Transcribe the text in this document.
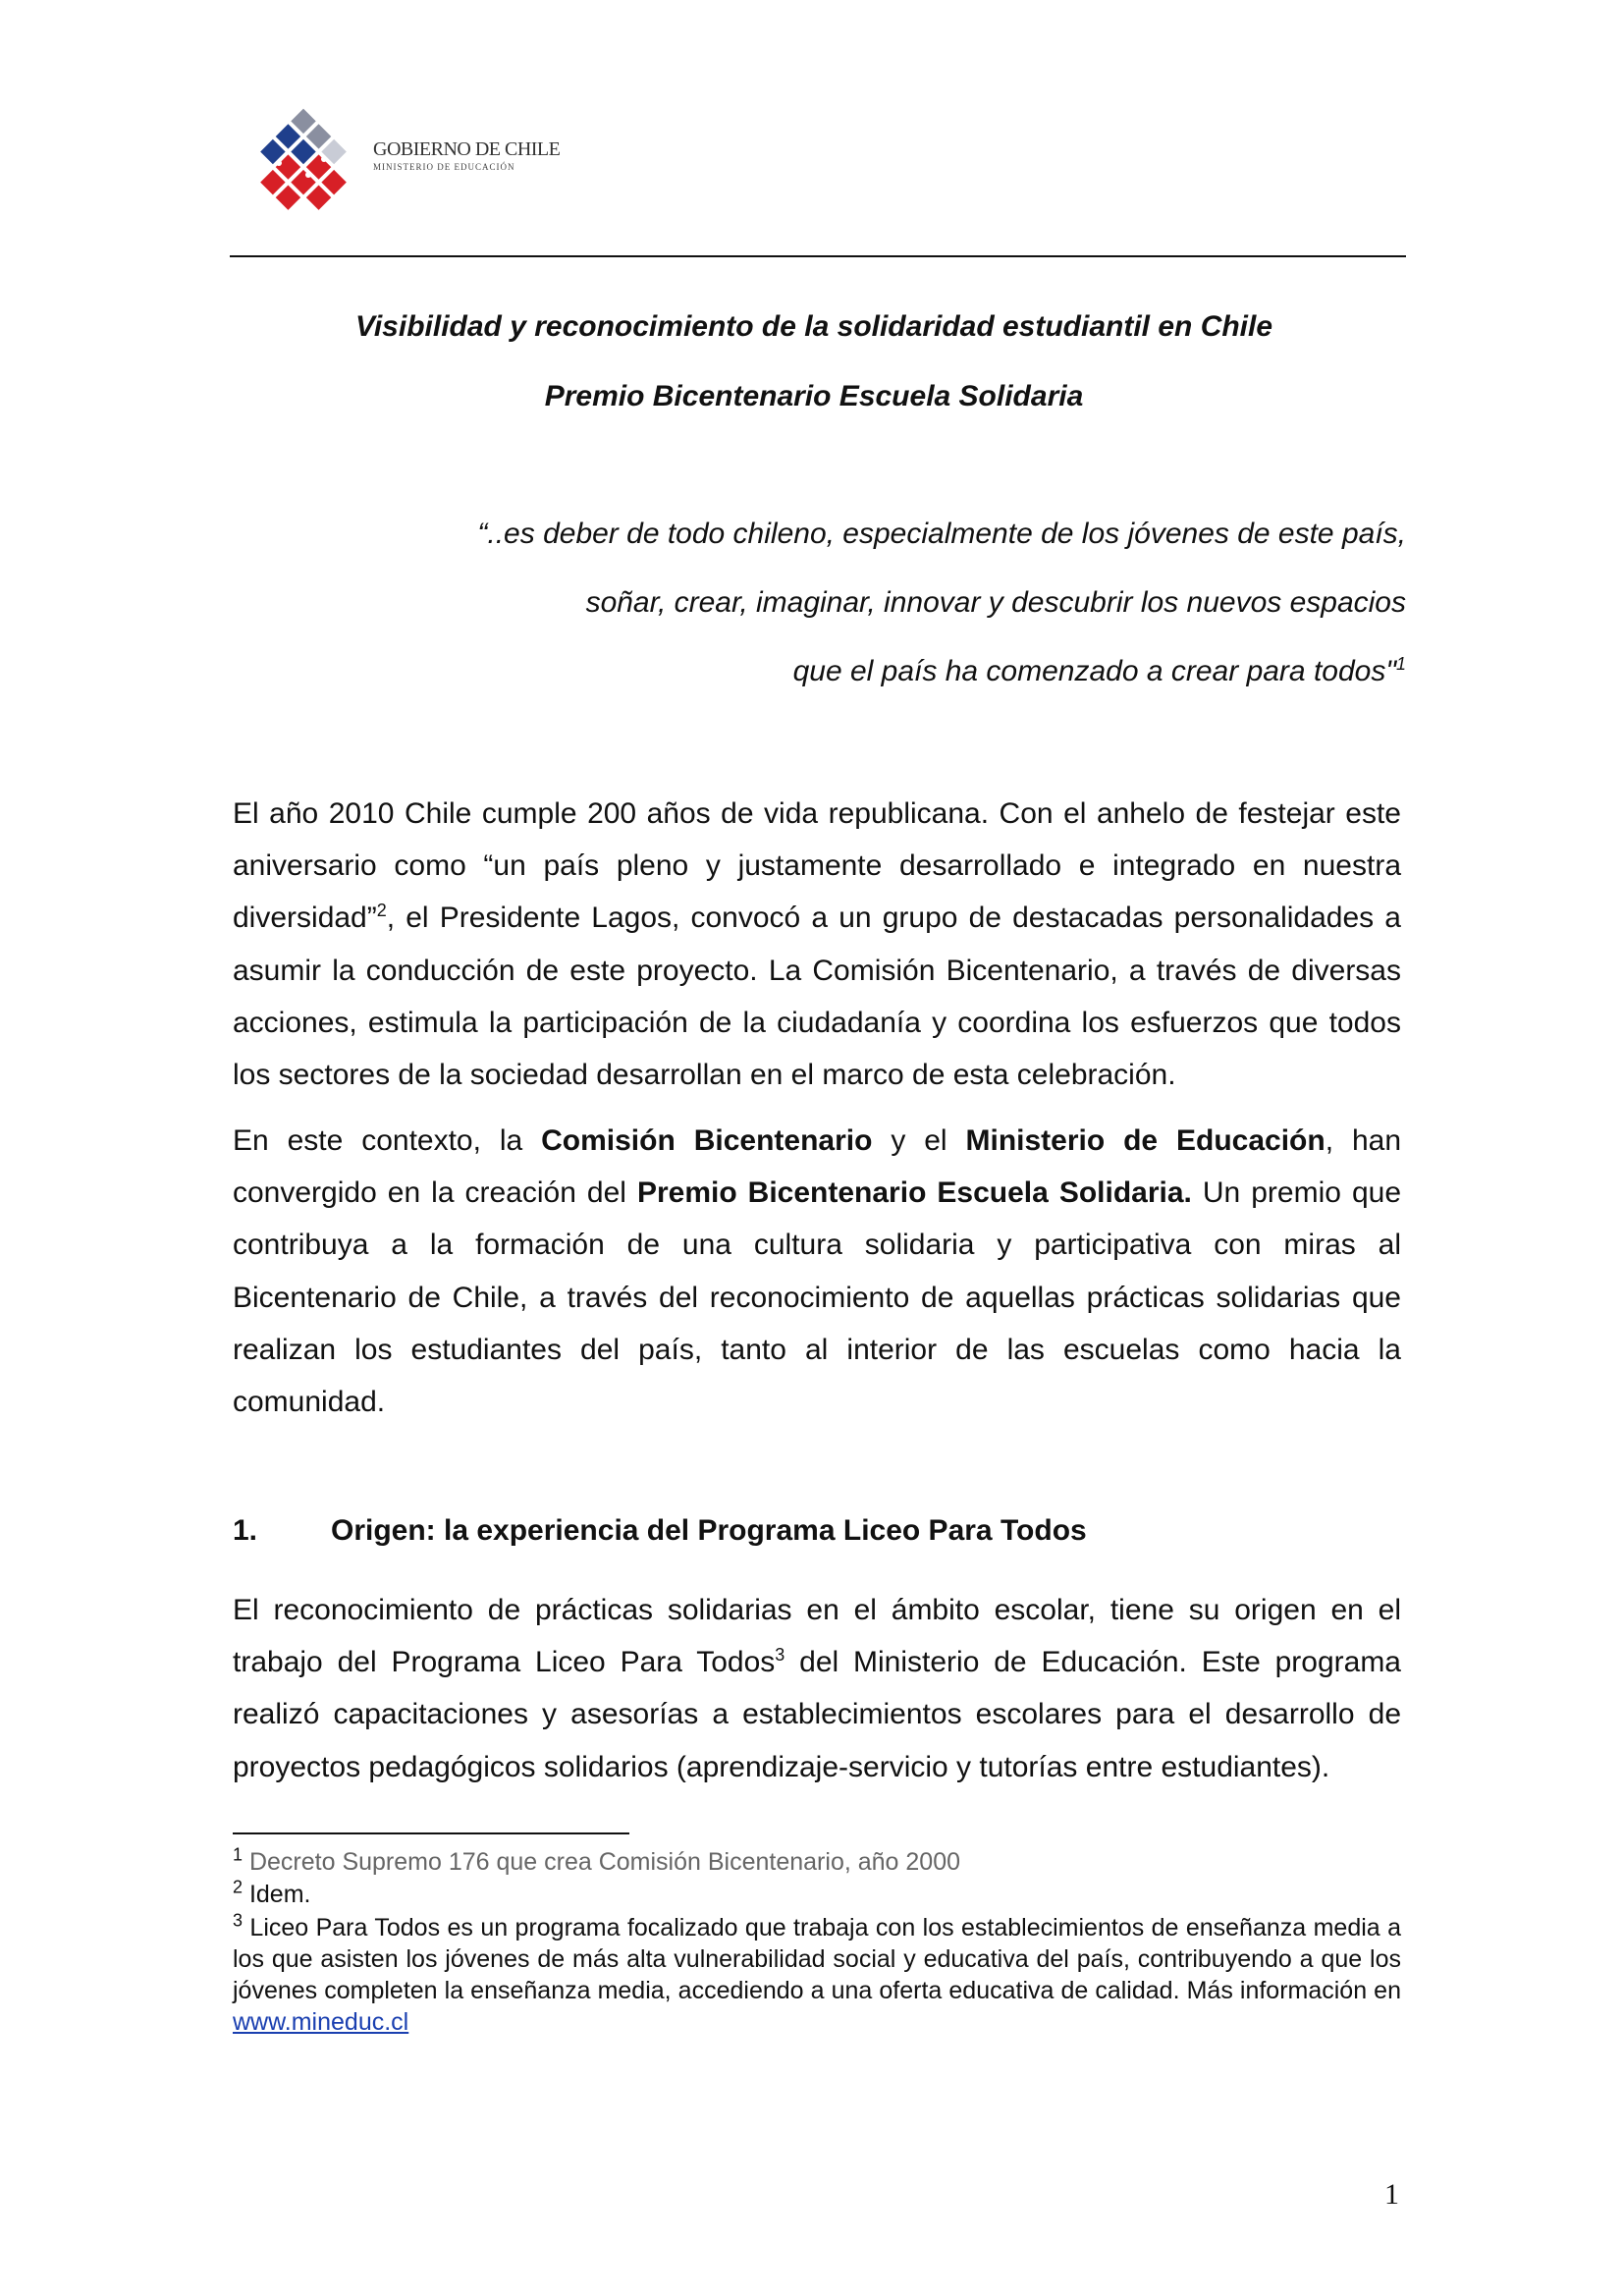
GOBIERNO DE CHILE
MINISTERIO DE EDUCACIÓN
Visibilidad y reconocimiento de la solidaridad estudiantil en Chile
Premio Bicentenario Escuela Solidaria

“..es deber de todo chileno, especialmente de los jóvenes de este país,

soñar, crear, imaginar, innovar y descubrir los nuevos espacios

que el país ha comenzado a crear para todos"$^1$

El año 2010 Chile cumple 200 años de vida republicana. Con el anhelo de festejar este aniversario como “un país pleno y justamente desarrollado e integrado en nuestra diversidad”$^2$, el Presidente Lagos, convocó a un grupo de destacadas personalidades a asumir la conducción de este proyecto. La Comisión Bicentenario, a través de diversas acciones, estimula la participación de la ciudadanía y coordina los esfuerzos que todos los sectores de la sociedad desarrollan en el marco de esta celebración.

En este contexto, la Comisión Bicentenario y el Ministerio de Educación, han convergido en la creación del Premio Bicentenario Escuela Solidaria. Un premio que contribuya a la formación de una cultura solidaria y participativa con miras al Bicentenario de Chile, a través del reconocimiento de aquellas prácticas solidarias que realizan los estudiantes del país, tanto al interior de las escuelas como hacia la comunidad.

1. Origen: la experiencia del Programa Liceo Para Todos

El reconocimiento de prácticas solidarias en el ámbito escolar, tiene su origen en el trabajo del Programa Liceo Para Todos$^3$ del Ministerio de Educación. Este programa realizó capacitaciones y asesorías a establecimientos escolares para el desarrollo de proyectos pedagógicos solidarios (aprendizaje-servicio y tutorías entre estudiantes).

$^1$ Decreto Supremo 176 que crea Comisión Bicentenario, año 2000

$^2$ Idem.

$^3$ Liceo Para Todos es un programa focalizado que trabaja con los establecimientos de enseñanza media a los que asisten los jóvenes de más alta vulnerabilidad social y educativa del país, contribuyendo a que los jóvenes completen la enseñanza media, accediendo a una oferta educativa de calidad. Más información en www.mineduc.cl

1
